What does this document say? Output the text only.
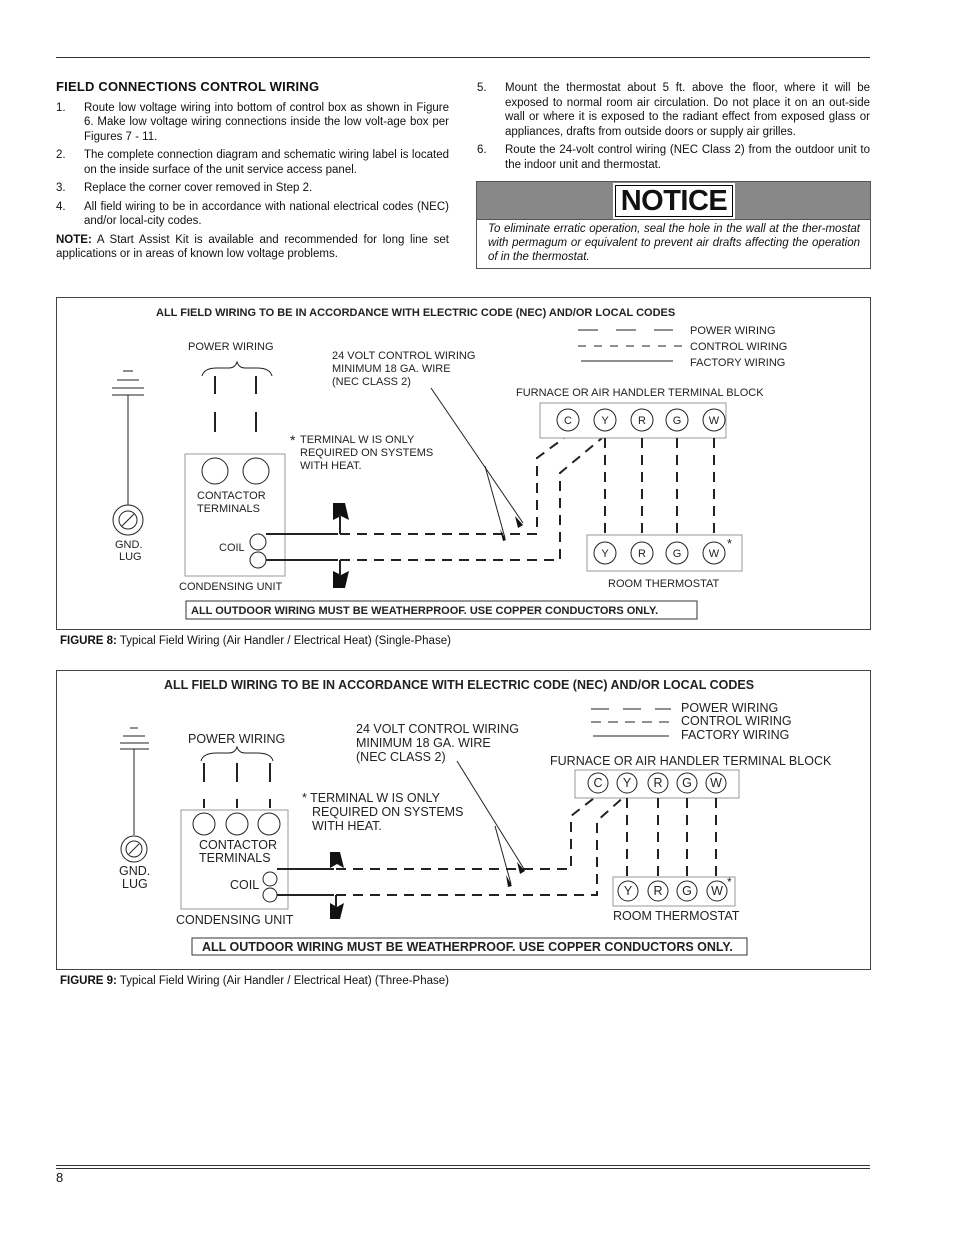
FIELD CONNECTIONS CONTROL WIRING
1. Route low voltage wiring into bottom of control box as shown in Figure 6. Make low voltage wiring connections inside the low volt-age box per Figures 7 - 11.
2. The complete connection diagram and schematic wiring label is located on the inside surface of the unit service access panel.
3. Replace the corner cover removed in Step 2.
4. All field wiring to be in accordance with national electrical codes (NEC) and/or local-city codes.
NOTE: A Start Assist Kit is available and recommended for long line set applications or in areas of known low voltage problems.
5. Mount the thermostat about 5 ft. above the floor, where it will be exposed to normal room air circulation. Do not place it on an out-side wall or where it is exposed to the radiant effect from exposed glass or appliances, drafts from outside doors or supply air grilles.
6. Route the 24-volt control wiring (NEC Class 2) from the outdoor unit to the indoor unit and thermostat.
NOTICE
To eliminate erratic operation, seal the hole in the wall at the ther-mostat with permagum or equivalent to prevent air drafts affecting the operation of in the thermostat.
ALL FIELD WIRING TO BE IN ACCORDANCE WITH ELECTRIC CODE (NEC) AND/OR LOCAL CODES
POWER WIRING
CONTROL WIRING
FACTORY WIRING
GND.
LUG
POWER WIRING
CONTACTOR
TERMINALS
COIL
CONDENSING UNIT
24 VOLT CONTROL WIRING
MINIMUM 18 GA. WIRE
(NEC CLASS 2)
* TERMINAL W IS ONLY
REQUIRED ON SYSTEMS
WITH HEAT.
FURNACE OR AIR HANDLER TERMINAL BLOCK
C	Y	R G	W
Y	R G	W
*
ROOM THERMOSTAT
ALL OUTDOOR WIRING MUST BE WEATHERPROOF. USE COPPER CONDUCTORS ONLY.
FIGURE 8: Typical Field Wiring (Air Handler / Electrical Heat) (Single-Phase)
ALL FIELD WIRING TO BE IN ACCORDANCE WITH ELECTRIC CODE (NEC) AND/OR LOCAL CODES
POWER WIRING
CONTROL WIRING
FACTORY WIRING
GND.
LUG
POWER WIRING
CONTACTOR
TERMINALS
COIL
CONDENSING UNIT
24 VOLT CONTROL WIRING
MINIMUM 18 GA. WIRE
(NEC CLASS 2)
* TERMINAL W IS ONLY
REQUIRED ON SYSTEMS
WITH HEAT.
FURNACE OR AIR HANDLER TERMINAL BLOCK
C Y R G W
Y R G W
*
ROOM THERMOSTAT
ALL OUTDOOR WIRING MUST BE WEATHERPROOF. USE COPPER CONDUCTORS ONLY.
FIGURE 9: Typical Field Wiring (Air Handler / Electrical Heat) (Three-Phase)
8
